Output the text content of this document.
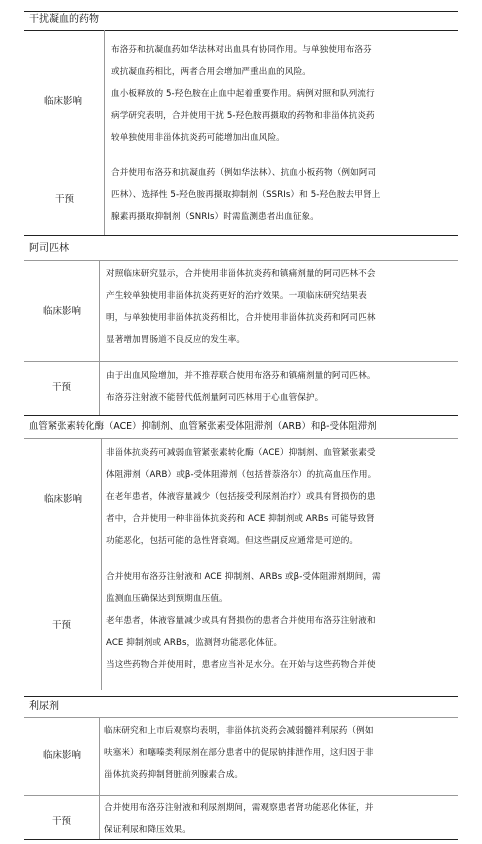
干扰凝血的药物
临床影响

布洛芬和抗凝血药如华法林对出血具有协同作用。与单独使用布洛芬

或抗凝血药相比，两者合用会增加严重出血的风险。

血小板释放的 5-羟色胺在止血中起着重要作用。病例对照和队列流行

病学研究表明，合并使用干扰 5-羟色胺再摄取的药物和非甾体抗炎药

较单独使用非甾体抗炎药可能增加出血风险。

干预

合并使用布洛芬和抗凝血药（例如华法林）、抗血小板药物（例如阿司

匹林）、选择性 5-羟色胺再摄取抑制剂（SSRIs）和 5-羟色胺去甲肾上

腺素再摄取抑制剂（SNRIs）时需监测患者出血征象。

阿司匹林
临床影响

对照临床研究显示，合并使用非甾体抗炎药和镇痛剂量的阿司匹林不会

产生较单独使用非甾体抗炎药更好的治疗效果。一项临床研究结果表

明，与单独使用非甾体抗炎药相比，合并使用非甾体抗炎药和阿司匹林

显著增加胃肠道不良反应的发生率。

干预

由于出血风险增加，并不推荐联合使用布洛芬和镇痛剂量的阿司匹林。

布洛芬注射液不能替代低剂量阿司匹林用于心血管保护。

血管紧张素转化酶（ACE）抑制剂、血管紧张素受体阻滞剂（ARB）和β-受体阻滞剂
临床影响

非甾体抗炎药可减弱血管紧张素转化酶（ACE）抑制剂、血管紧张素受

体阻滞剂（ARB）或β-受体阻滞剂（包括普萘洛尔）的抗高血压作用。

在老年患者，体液容量减少（包括接受利尿剂治疗）或具有肾损伤的患

者中，合并使用一种非甾体抗炎药和 ACE 抑制剂或 ARBs 可能导致肾

功能恶化，包括可能的急性肾衰竭。但这些副反应通常是可逆的。

干预

合并使用布洛芬注射液和 ACE 抑制剂、ARBs 或β-受体阻滞剂期间，需

监测血压确保达到预期血压值。

老年患者，体液容量减少或具有肾损伤的患者合并使用布洛芬注射液和

ACE 抑制剂或 ARBs，监测肾功能恶化体征。

当这些药物合并使用时，患者应当补足水分。在开始与这些药物合并使

利尿剂
临床影响

临床研究和上市后观察均表明，非甾体抗炎药会减弱髓袢利尿药（例如

呋塞米）和噻嗪类利尿剂在部分患者中的促尿钠排泄作用，这归因于非

甾体抗炎药抑制肾脏前列腺素合成。

干预

合并使用布洛芬注射液和利尿剂期间，需观察患者肾功能恶化体征，并

保证利尿和降压效果。
